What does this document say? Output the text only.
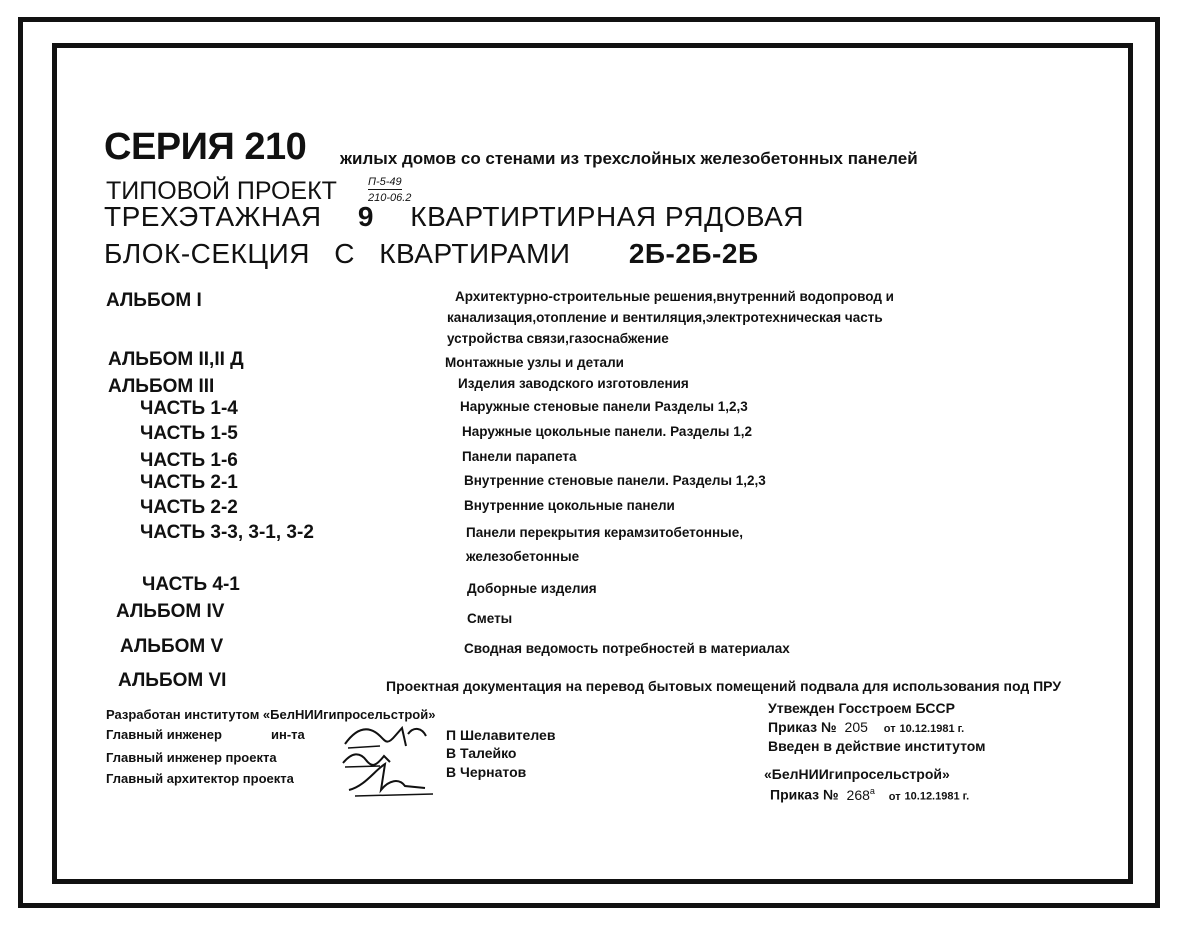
СЕРИЯ 210 жилых домов со стенами из трехслойных железобетонных панелей
ТИПОВОЙ ПРОЕКТ	П-5-49
210-06.2
ТРЕХЭТАЖНАЯ 9 КВАРТИРТИРНАЯ РЯДОВАЯ
БЛОК-СЕКЦИЯ С КВАРТИРАМИ 2Б-2Б-2Б
АЛЬБОМ I	Архитектурно-строительные решения,внутренний водопровод и
канализация,отопление и вентиляция,электротехническая часть
устройства связи,газоснабжение
АЛЬБОМ II,II Д	Монтажные узлы и детали
АЛЬБОМ III	Изделия заводского изготовления
ЧАСТЬ 1-4	Наружные стеновые панели Разделы 1,2,3
ЧАСТЬ 1-5	Наружные цокольные панели. Разделы 1,2
ЧАСТЬ 1-6	Панели парапета
ЧАСТЬ 2-1	Внутренние стеновые панели. Разделы 1,2,3
ЧАСТЬ 2-2	Внутренние цокольные панели
ЧАСТЬ 3-3, 3-1, 3-2	Панели перекрытия керамзитобетонные,
железобетонные
ЧАСТЬ 4-1	Доборные изделия
АЛЬБОМ IV	Сметы
АЛЬБОМ V	Сводная ведомость потребностей в материалах
АЛЬБОМ VI	Проектная документация на перевод бытовых помещений подвала для использования под ПРУ
Разработан институтом «БелНИИгипросельстрой»
Главный инженер	ин-та
Главный инженер проекта
Главный архитектор проекта
П Шелавителев
В Талейко
В Чернатов
Утвежден Госстроем БССР
Приказ № 205 от 10.12.1981 г.
Введен в действие институтом
«БелНИИгипросельстрой»
Приказ № $268^а$ от 10.12.1981 г.
